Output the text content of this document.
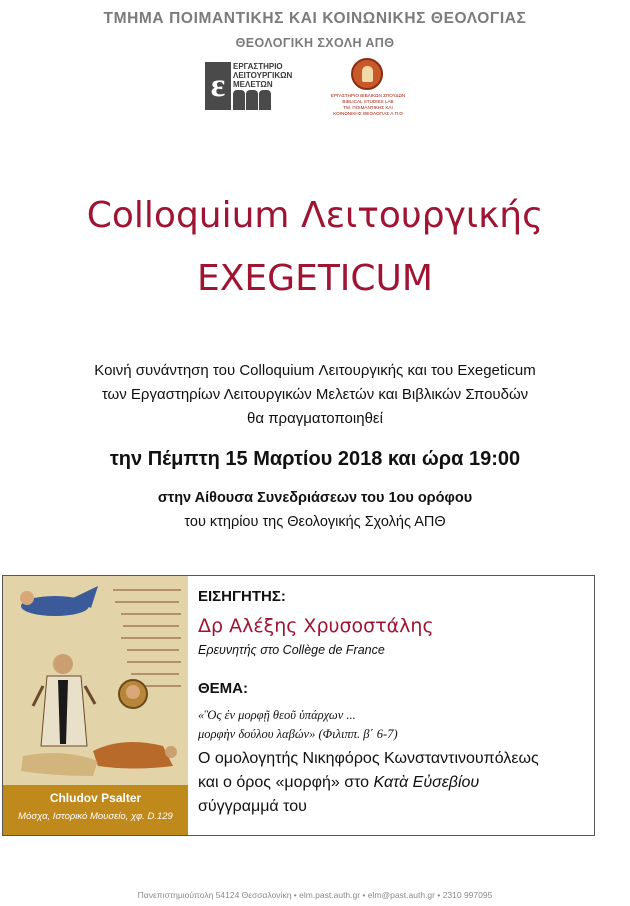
ΤΜΗΜΑ ΠΟΙΜΑΝΤΙΚΗΣ ΚΑΙ ΚΟΙΝΩΝΙΚΗΣ ΘΕΟΛΟΓΙΑΣ
ΘΕΟΛΟΓΙΚΗ ΣΧΟΛΗ ΑΠΘ
ε
ΕΡΓΑΣΤΗΡΙΟ
ΛΕΙΤΟΥΡΓΙΚΩΝ
ΜΕΛΕΤΩΝ
ΕΡΓΑΣΤΗΡΙΟ ΒΙΒΛΙΚΩΝ ΣΠΟΥΔΩΝ
BIBLICAL STUDIES LAB
ΤΜ. ΠΟΙΜΑΝΤΙΚΗΣ ΚΑΙ
ΚΟΙΝΩΝΙΚΗΣ ΘΕΟΛΟΓΙΑΣ Α.Π.Θ
Colloquium Λειτουργικής
EXEGETICUM
Κοινή συνάντηση του Colloquium Λειτουργικής και του Exegeticum
των Εργαστηρίων Λειτουργικών Μελετών και Βιβλικών Σπουδών
θα πραγματοποιηθεί
την Πέμπτη 15 Μαρτίου 2018 και ώρα 19:00
στην Αίθουσα Συνεδριάσεων του 1ου ορόφου
του κτηρίου της Θεολογικής Σχολής ΑΠΘ
Chludov Psalter
Μόσχα, Ιστορικό Μουσείο, χφ. D.129
ΕΙΣΗΓΗΤΗΣ:
Δρ Αλέξης Χρυσοστάλης
Ερευνητής στο Collège de France
ΘΕΜΑ:
«Ὃς ἐν μορφῇ θεοῦ ὑπάρχων ...
μορφὴν δούλου λαβών» (Φιλιππ. β΄ 6-7)
Ο ομολογητής Νικηφόρος Κωνσταντινουπόλεως
και ο όρος «μορφή» στο Κατὰ Εὐσεβίου
σύγγραμμά του
Πανεπιστημιούπολη 54124 Θεσσαλονίκη • elm.past.auth.gr • elm@past.auth.gr • 2310 997095
